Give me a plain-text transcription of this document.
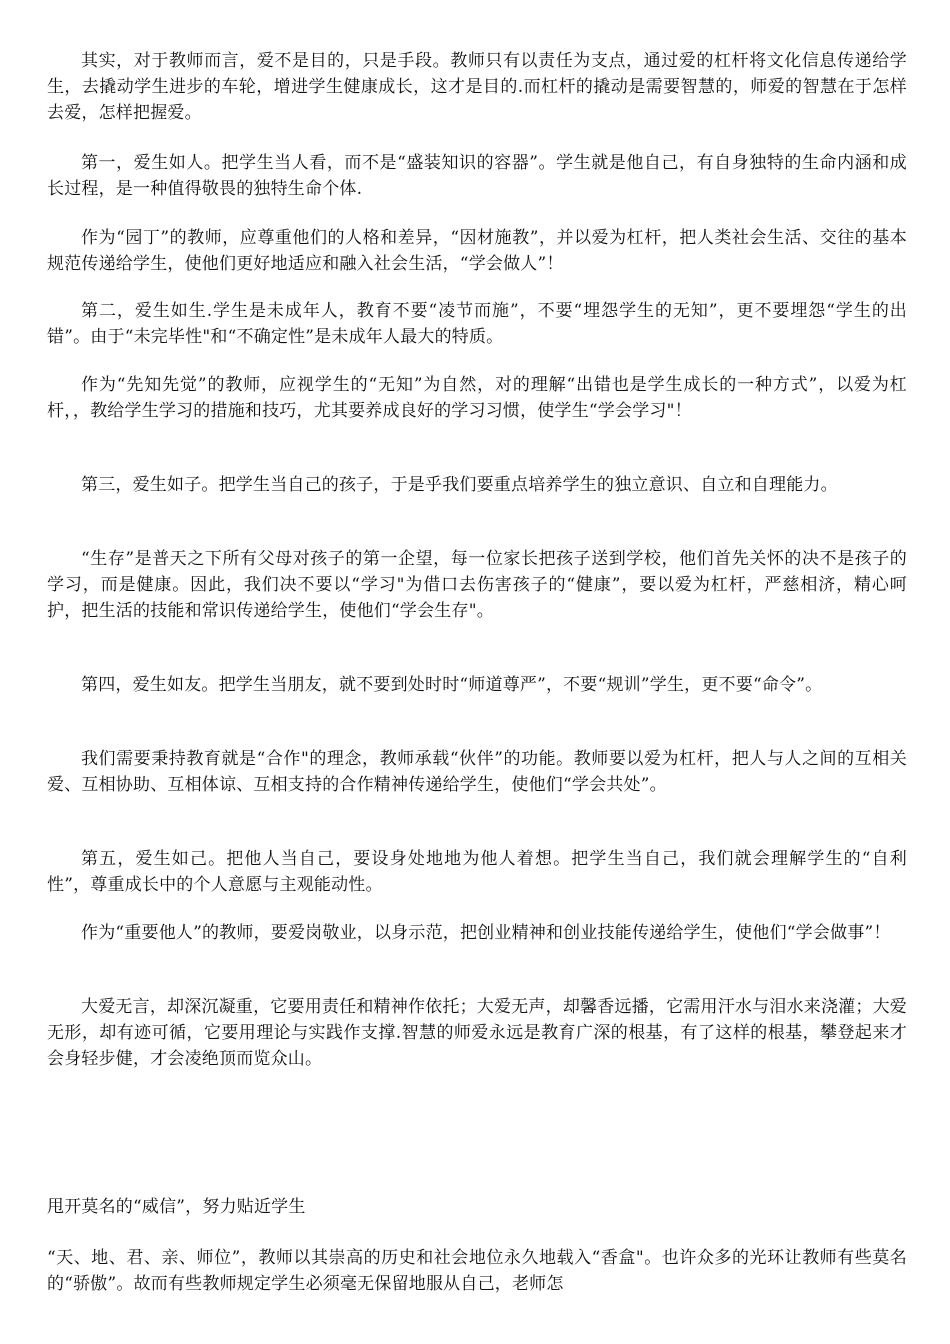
其实，对于教师而言，爱不是目的，只是手段。教师只有以责任为支点，通过爱的杠杆将文化信息传递给学生，去撬动学生进步的车轮，增进学生健康成长，这才是目的.而杠杆的撬动是需要智慧的，师爱的智慧在于怎样去爱，怎样把握爱。

第一，爱生如人。把学生当人看，而不是“盛装知识的容器”。学生就是他自己，有自身独特的生命内涵和成长过程，是一种值得敬畏的独特生命个体.

作为“园丁”的教师，应尊重他们的人格和差异，“因材施教”，并以爱为杠杆，把人类社会生活、交往的基本规范传递给学生，使他们更好地适应和融入社会生活，“学会做人”！

第二，爱生如生.学生是未成年人，教育不要“凌节而施”，不要“埋怨学生的无知”，更不要埋怨“学生的出错”。由于“未完毕性"和“不确定性”是未成年人最大的特质。

作为“先知先觉”的教师，应视学生的“无知”为自然，对的理解“出错也是学生成长的一种方式”，以爱为杠杆，，教给学生学习的措施和技巧，尤其要养成良好的学习习惯，使学生“学会学习"！

第三，爱生如子。把学生当自己的孩子，于是乎我们要重点培养学生的独立意识、自立和自理能力。

“生存”是普天之下所有父母对孩子的第一企望，每一位家长把孩子送到学校，他们首先关怀的决不是孩子的学习，而是健康。因此，我们决不要以“学习"为借口去伤害孩子的“健康”，要以爱为杠杆，严慈相济，精心呵护，把生活的技能和常识传递给学生，使他们“学会生存"。

第四，爱生如友。把学生当朋友，就不要到处时时“师道尊严”，不要“规训”学生，更不要“命令”。

我们需要秉持教育就是“合作"的理念，教师承载“伙伴”的功能。教师要以爱为杠杆，把人与人之间的互相关爱、互相协助、互相体谅、互相支持的合作精神传递给学生，使他们“学会共处”。

第五，爱生如己。把他人当自己，要设身处地地为他人着想。把学生当自己，我们就会理解学生的“自利性”，尊重成长中的个人意愿与主观能动性。

作为“重要他人”的教师，要爱岗敬业，以身示范，把创业精神和创业技能传递给学生，使他们“学会做事”！

大爱无言，却深沉凝重，它要用责任和精神作依托；大爱无声，却馨香远播，它需用汗水与泪水来浇灌；大爱无形，却有迹可循，它要用理论与实践作支撑.智慧的师爱永远是教育广深的根基，有了这样的根基，攀登起来才会身轻步健，才会凌绝顶而览众山。

甩开莫名的“威信”，努力贴近学生

“天、地、君、亲、师位”，教师以其崇高的历史和社会地位永久地载入“香盒"。也许众多的光环让教师有些莫名的“骄傲”。故而有些教师规定学生必须毫无保留地服从自己，老师怎
